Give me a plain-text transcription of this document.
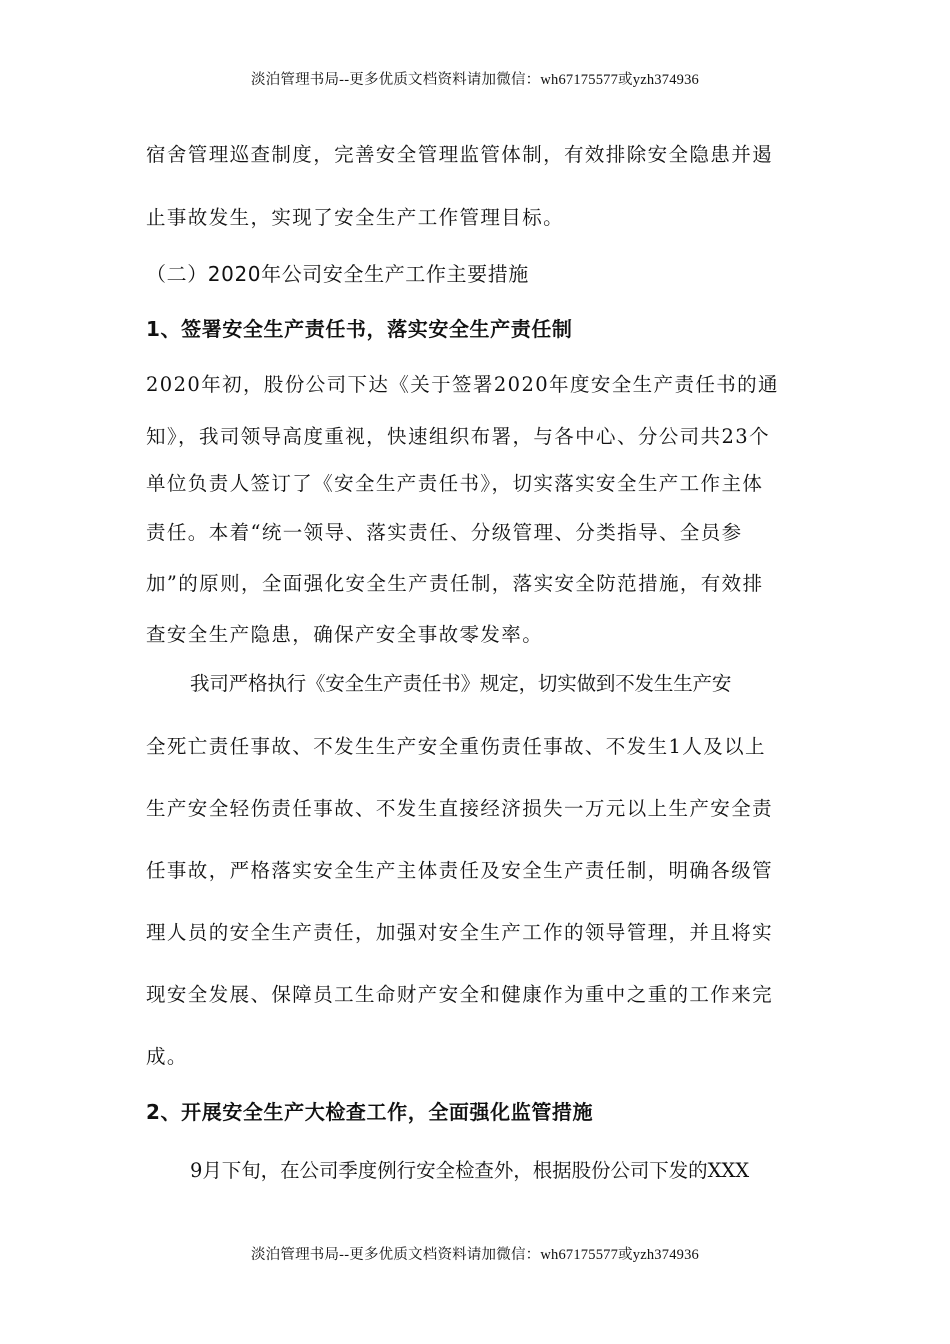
淡泊管理书局--更多优质文档资料请加微信：wh67175577或yzh374936
宿舍管理巡查制度，完善安全管理监管体制，有效排除安全隐患并遏
止事故发生，实现了安全生产工作管理目标。
（二）2020年公司安全生产工作主要措施
1、签署安全生产责任书，落实安全生产责任制
2020年初，股份公司下达《关于签署2020年度安全生产责任书的通
知》，我司领导高度重视，快速组织布署，与各中心、分公司共23个
单位负责人签订了《安全生产责任书》，切实落实安全生产工作主体
责任。本着“统一领导、落实责任、分级管理、分类指导、全员参
加”的原则，全面强化安全生产责任制，落实安全防范措施，有效排
查安全生产隐患，确保产安全事故零发率。
我司严格执行《安全生产责任书》规定，切实做到不发生生产安
全死亡责任事故、不发生生产安全重伤责任事故、不发生1人及以上
生产安全轻伤责任事故、不发生直接经济损失一万元以上生产安全责
任事故，严格落实安全生产主体责任及安全生产责任制，明确各级管
理人员的安全生产责任，加强对安全生产工作的领导管理，并且将实
现安全发展、保障员工生命财产安全和健康作为重中之重的工作来完
成。
2、开展安全生产大检查工作，全面强化监管措施
9月下旬，在公司季度例行安全检查外，根据股份公司下发的XXX
淡泊管理书局--更多优质文档资料请加微信：wh67175577或yzh374936
